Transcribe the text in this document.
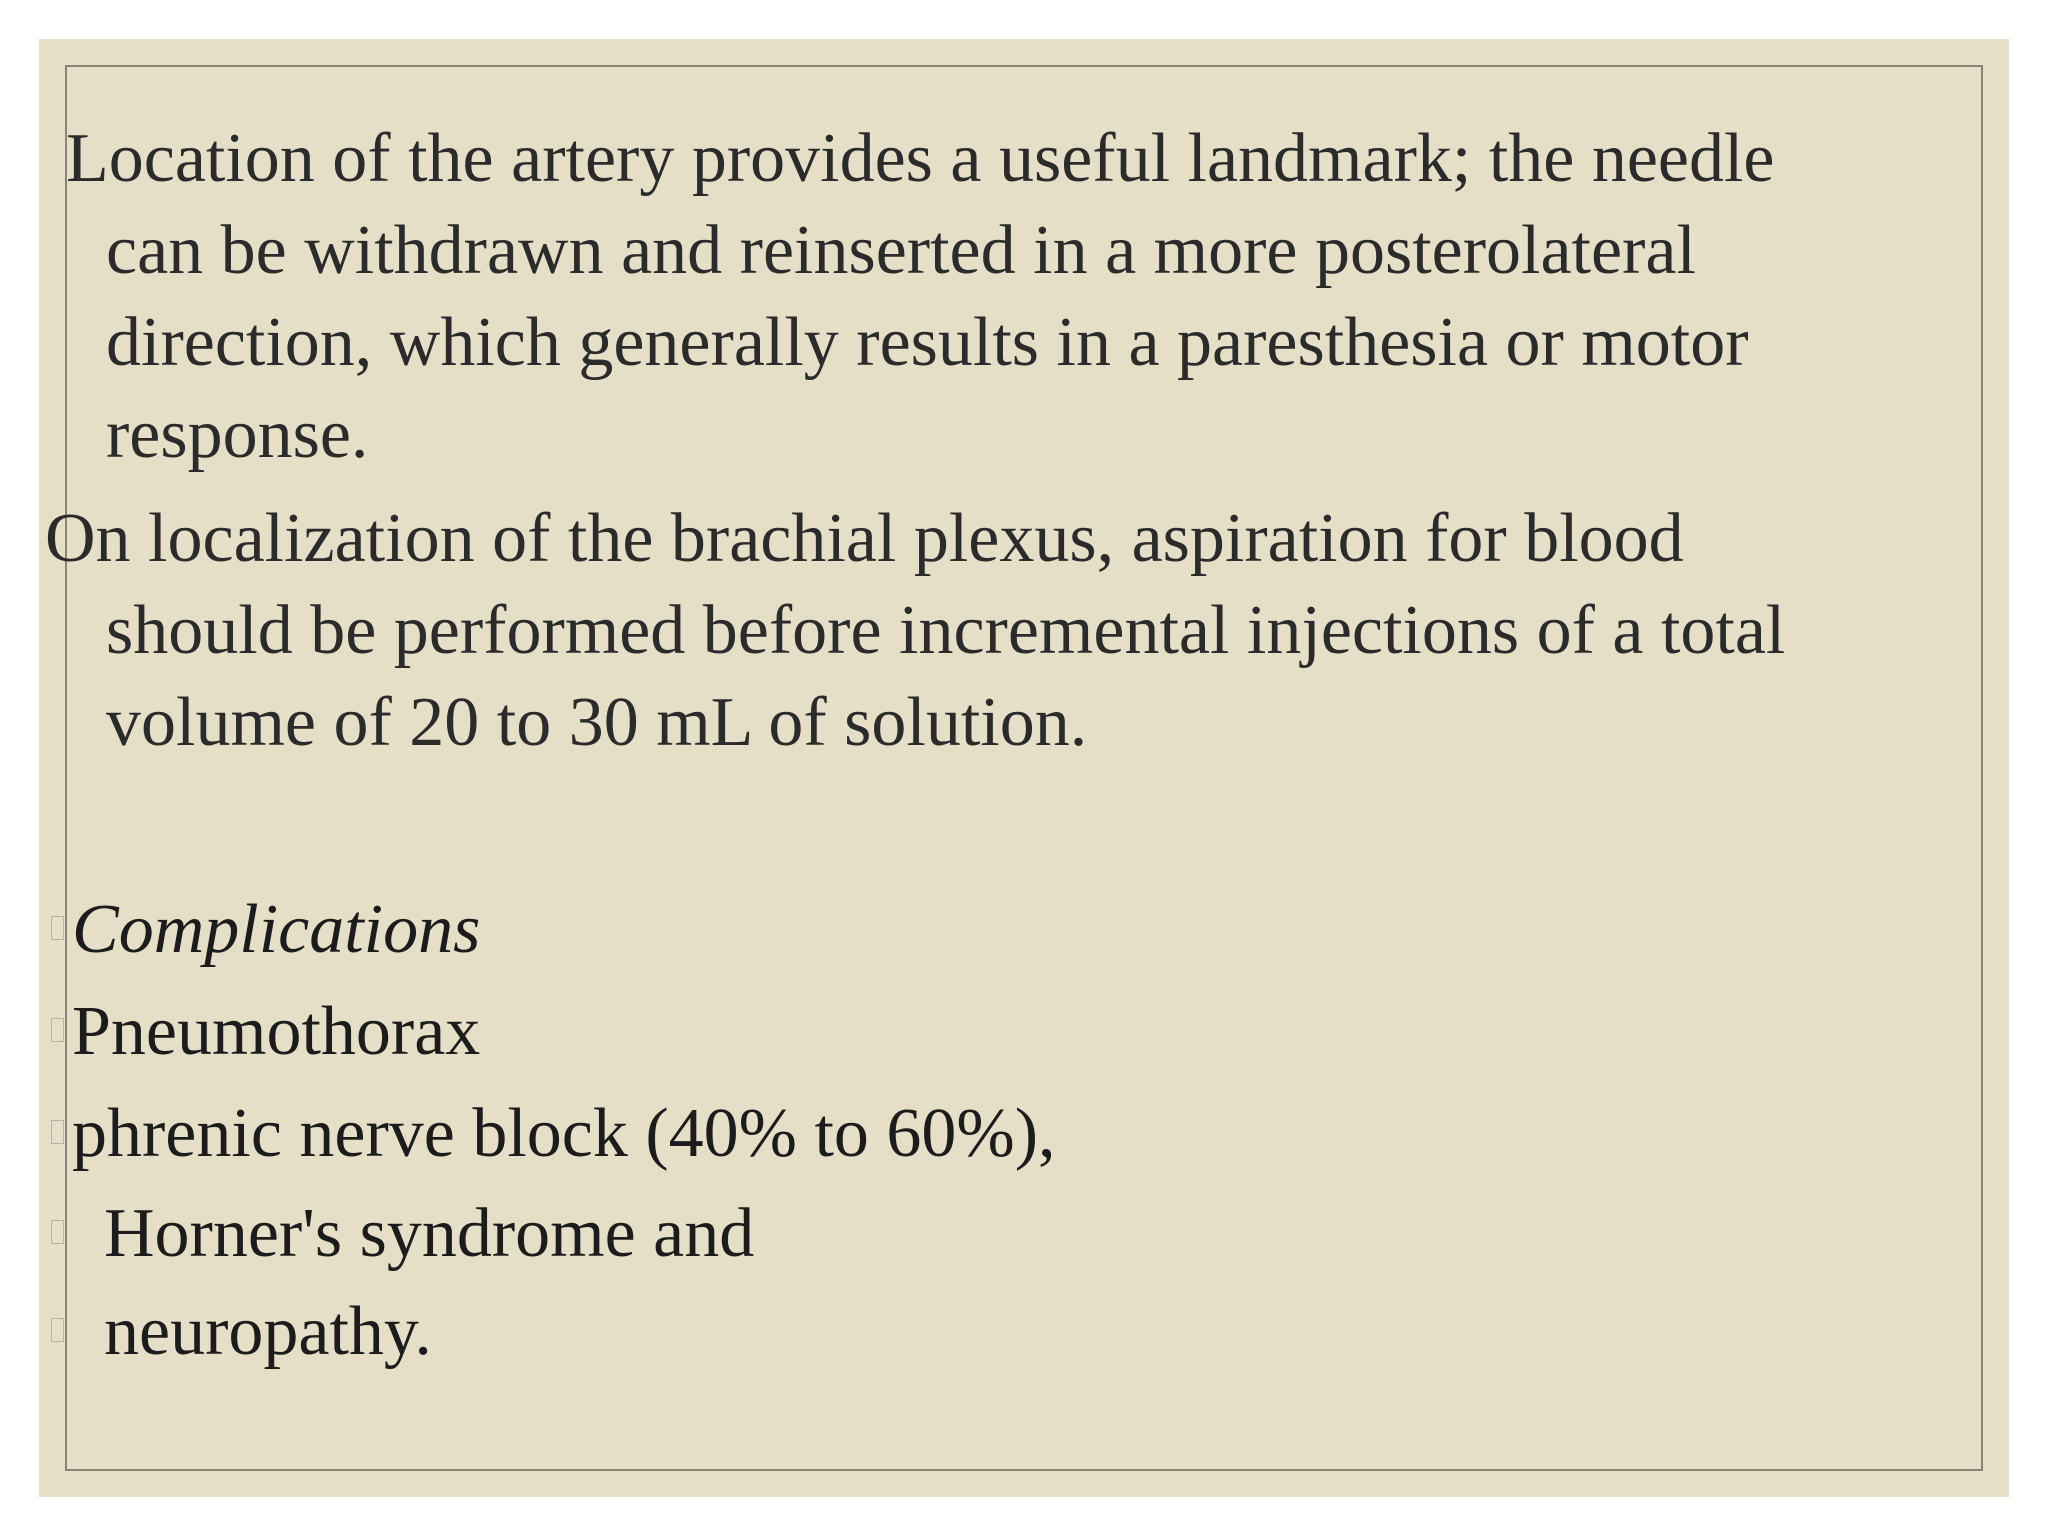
Location of the artery provides a useful landmark; the needle
can be withdrawn and reinserted in a more posterolateral
direction, which generally results in a paresthesia or motor
response.
On localization of the brachial plexus, aspiration for blood
should be performed before incremental injections of a total
volume of 20 to 30 mL of solution.
Complications
Pneumothorax
phrenic nerve block (40% to 60%),
Horner's syndrome and
neuropathy.
